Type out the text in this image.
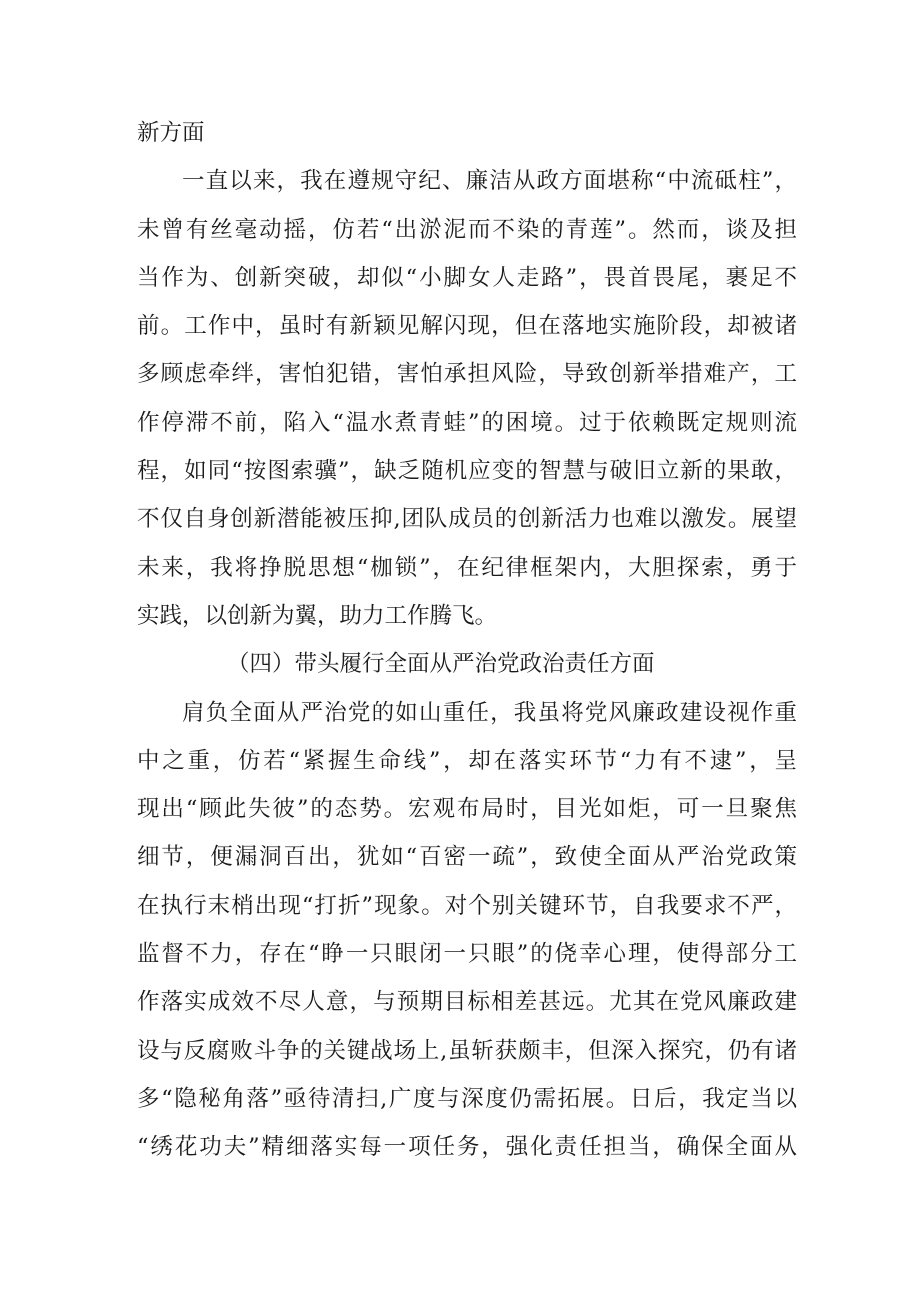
新方面
一直以来，我在遵规守纪、廉洁从政方面堪称“中流砥柱”，
未曾有丝毫动摇，仿若“出淤泥而不染的青莲”。然而，谈及担
当作为、创新突破，却似“小脚女人走路”，畏首畏尾，裹足不
前。工作中，虽时有新颖见解闪现，但在落地实施阶段，却被诸
多顾虑牵绊，害怕犯错，害怕承担风险，导致创新举措难产，工
作停滞不前，陷入“温水煮青蛙”的困境。过于依赖既定规则流
程，如同“按图索骥”，缺乏随机应变的智慧与破旧立新的果敢，
不仅自身创新潜能被压抑,团队成员的创新活力也难以激发。展望
未来，我将挣脱思想“枷锁”，在纪律框架内，大胆探索，勇于
实践，以创新为翼，助力工作腾飞。
（四）带头履行全面从严治党政治责任方面
肩负全面从严治党的如山重任，我虽将党风廉政建设视作重
中之重，仿若“紧握生命线”，却在落实环节“力有不逮”，呈
现出“顾此失彼”的态势。宏观布局时，目光如炬，可一旦聚焦
细节，便漏洞百出，犹如“百密一疏”，致使全面从严治党政策
在执行末梢出现“打折”现象。对个别关键环节，自我要求不严，
监督不力，存在“睁一只眼闭一只眼”的侥幸心理，使得部分工
作落实成效不尽人意，与预期目标相差甚远。尤其在党风廉政建
设与反腐败斗争的关键战场上,虽斩获颇丰，但深入探究，仍有诸
多“隐秘角落”亟待清扫,广度与深度仍需拓展。日后，我定当以
“绣花功夫”精细落实每一项任务，强化责任担当，确保全面从
